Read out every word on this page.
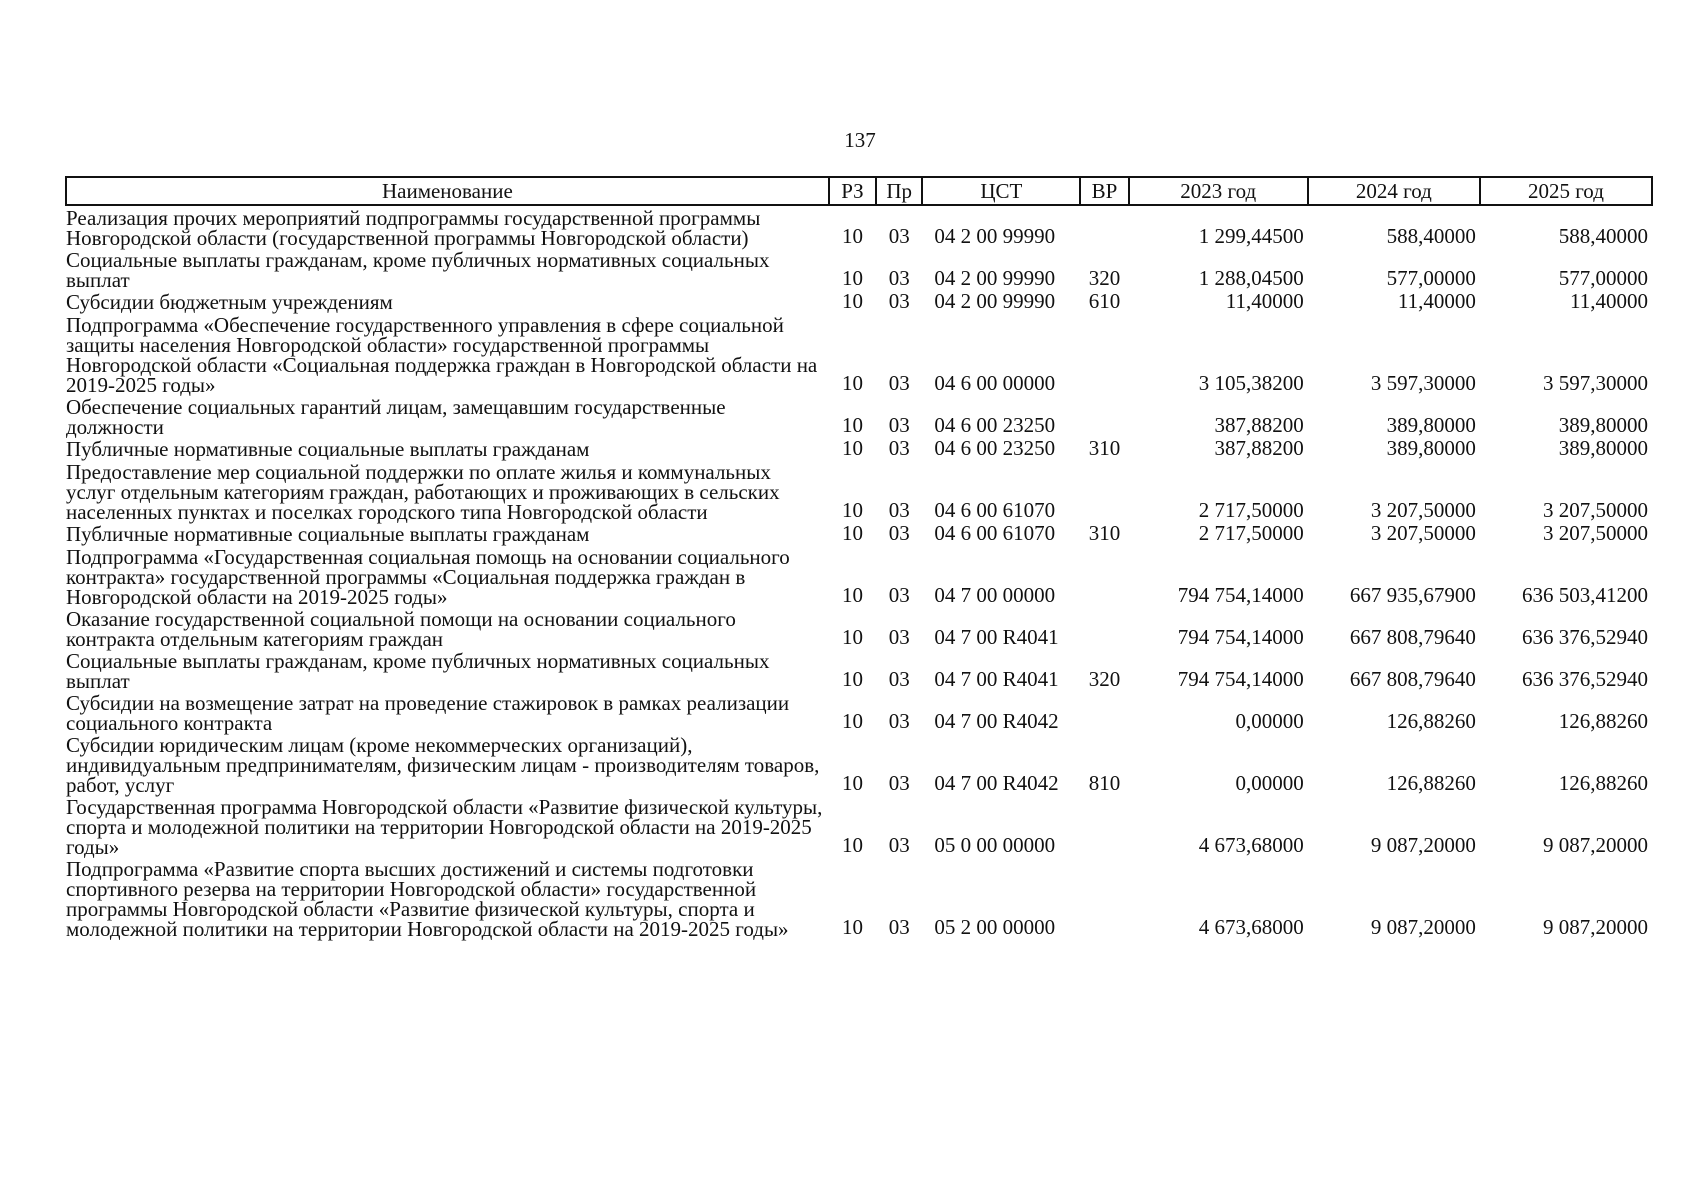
137
Наименование	РЗ	Пр	ЦСТ	ВР	2023 год	2024 год	2025 год
Реализация прочих мероприятий подпрограммы государственной программы Новгородской области (государственной программы Новгородской области)	10	03	04 2 00 99990		1 299,44500	588,40000	588,40000
Социальные выплаты гражданам, кроме публичных нормативных социальных выплат	10	03	04 2 00 99990	320	1 288,04500	577,00000	577,00000
Субсидии бюджетным учреждениям	10	03	04 2 00 99990	610	11,40000	11,40000	11,40000
Подпрограмма «Обеспечение государственного управления в сфере социальной защиты населения Новгородской области» государственной программы Новгородской области «Социальная поддержка граждан в Новгородской области на 2019-2025 годы»	10	03	04 6 00 00000		3 105,38200	3 597,30000	3 597,30000
Обеспечение социальных гарантий лицам, замещавшим государственные должности	10	03	04 6 00 23250		387,88200	389,80000	389,80000
Публичные нормативные социальные выплаты гражданам	10	03	04 6 00 23250	310	387,88200	389,80000	389,80000
Предоставление мер социальной поддержки по оплате жилья и коммунальных услуг отдельным категориям граждан, работающих и проживающих в сельских населенных пунктах и поселках городского типа Новгородской области	10	03	04 6 00 61070		2 717,50000	3 207,50000	3 207,50000
Публичные нормативные социальные выплаты гражданам	10	03	04 6 00 61070	310	2 717,50000	3 207,50000	3 207,50000
Подпрограмма «Государственная социальная помощь на основании социального контракта» государственной программы «Социальная поддержка граждан в Новгородской области на 2019-2025 годы»	10	03	04 7 00 00000		794 754,14000	667 935,67900	636 503,41200
Оказание государственной социальной помощи на основании социального контракта отдельным категориям граждан	10	03	04 7 00 R4041		794 754,14000	667 808,79640	636 376,52940
Социальные выплаты гражданам, кроме публичных нормативных социальных выплат	10	03	04 7 00 R4041	320	794 754,14000	667 808,79640	636 376,52940
Субсидии на возмещение затрат на проведение стажировок в рамках реализации социального контракта	10	03	04 7 00 R4042		0,00000	126,88260	126,88260
Субсидии юридическим лицам (кроме некоммерческих организаций), индивидуальным предпринимателям, физическим лицам - производителям товаров, работ, услуг	10	03	04 7 00 R4042	810	0,00000	126,88260	126,88260
Государственная программа Новгородской области «Развитие физической культуры, спорта и молодежной политики на территории Новгородской области на 2019-2025 годы»	10	03	05 0 00 00000		4 673,68000	9 087,20000	9 087,20000
Подпрограмма «Развитие спорта высших достижений и системы подготовки спортивного резерва на территории Новгородской области» государственной программы Новгородской области «Развитие физической культуры, спорта и молодежной политики на территории Новгородской области на 2019-2025 годы»	10	03	05 2 00 00000		4 673,68000	9 087,20000	9 087,20000
